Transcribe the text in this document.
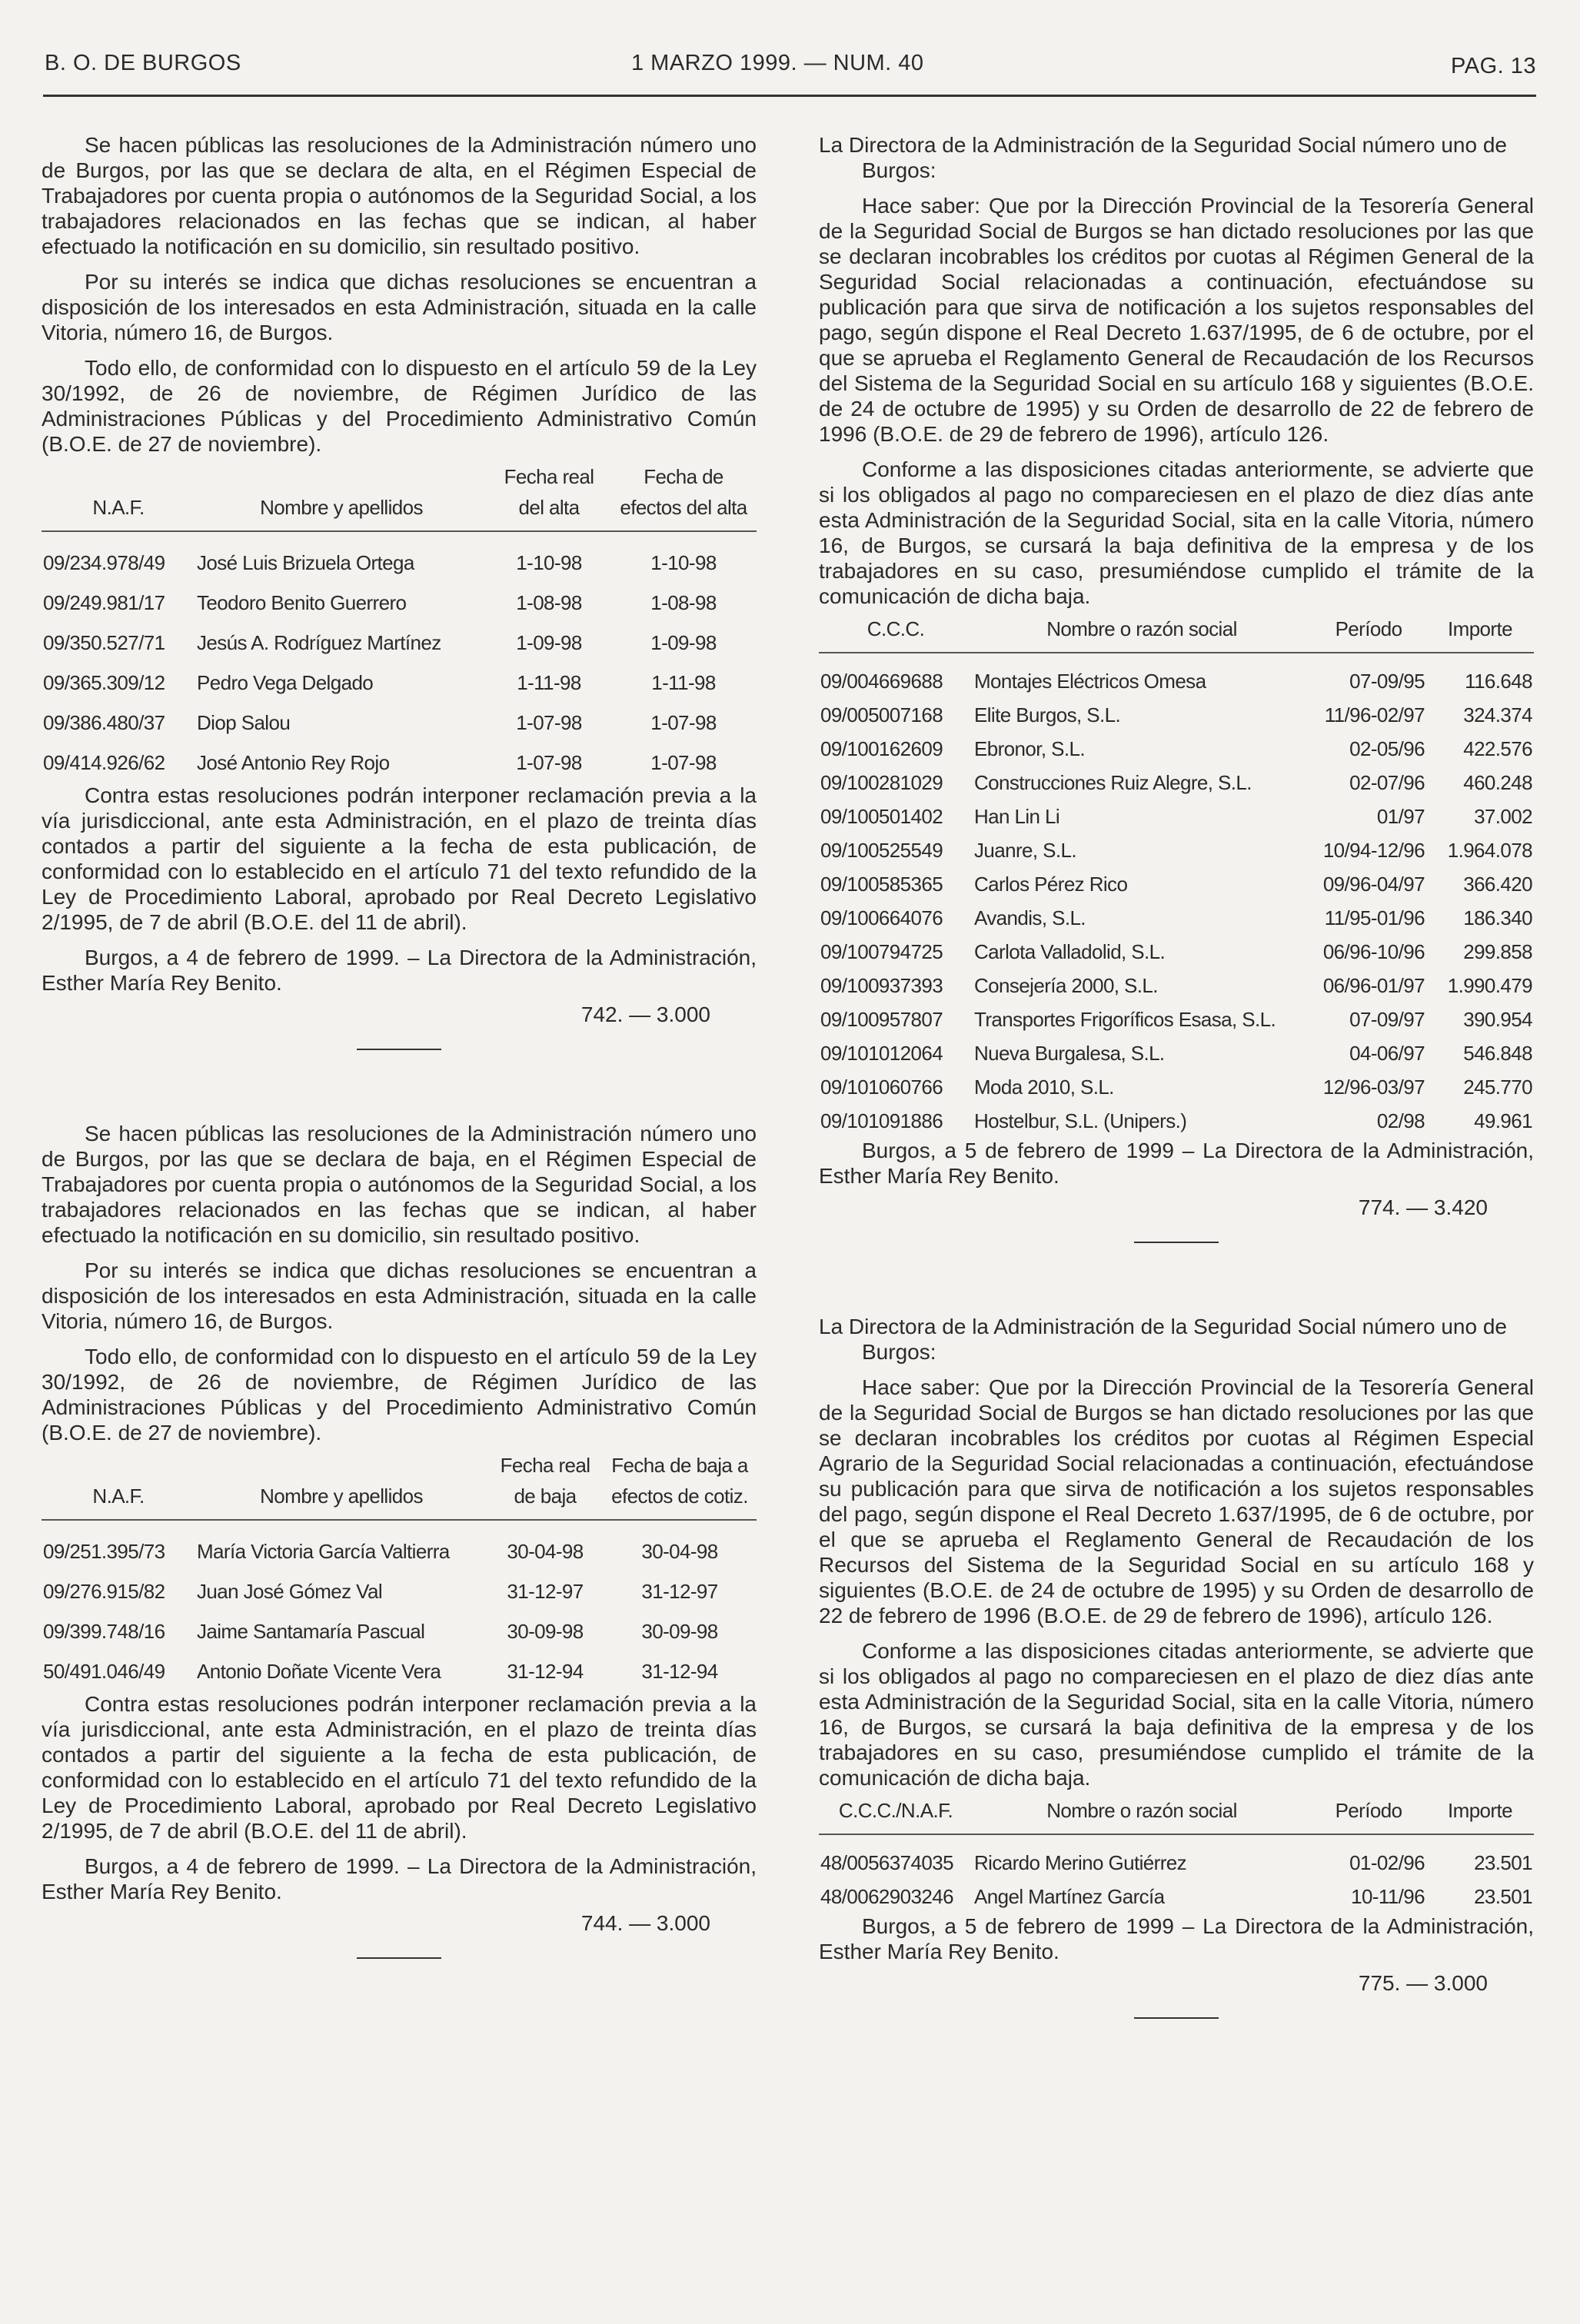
B. O. DE BURGOS	1 MARZO 1999. — NUM. 40	PAG. 13

Se hacen públicas las resoluciones de la Administración número uno de Burgos, por las que se declara de alta, en el Régimen Especial de Trabajadores por cuenta propia o autónomos de la Seguridad Social, a los trabajadores relacionados en las fechas que se indican, al haber efectuado la notificación en su domicilio, sin resultado positivo.

Por su interés se indica que dichas resoluciones se encuentran a disposición de los interesados en esta Administración, situada en la calle Vitoria, número 16, de Burgos.

Todo ello, de conformidad con lo dispuesto en el artículo 59 de la Ley 30/1992, de 26 de noviembre, de Régimen Jurídico de las Administraciones Públicas y del Procedimiento Administrativo Común (B.O.E. de 27 de noviembre).

N.A.F.	Nombre y apellidos	Fecha real del alta	Fecha de efectos del alta
09/234.978/49	José Luis Brizuela Ortega	1-10-98	1-10-98
09/249.981/17	Teodoro Benito Guerrero	1-08-98	1-08-98
09/350.527/71	Jesús A. Rodríguez Martínez	1-09-98	1-09-98
09/365.309/12	Pedro Vega Delgado	1-11-98	1-11-98
09/386.480/37	Diop Salou	1-07-98	1-07-98
09/414.926/62	José Antonio Rey Rojo	1-07-98	1-07-98

Contra estas resoluciones podrán interponer reclamación previa a la vía jurisdiccional, ante esta Administración, en el plazo de treinta días contados a partir del siguiente a la fecha de esta publicación, de conformidad con lo establecido en el artículo 71 del texto refundido de la Ley de Procedimiento Laboral, aprobado por Real Decreto Legislativo 2/1995, de 7 de abril (B.O.E. del 11 de abril).

Burgos, a 4 de febrero de 1999. – La Directora de la Administración, Esther María Rey Benito.

742. — 3.000

Se hacen públicas las resoluciones de la Administración número uno de Burgos, por las que se declara de baja, en el Régimen Especial de Trabajadores por cuenta propia o autónomos de la Seguridad Social, a los trabajadores relacionados en las fechas que se indican, al haber efectuado la notificación en su domicilio, sin resultado positivo.

Por su interés se indica que dichas resoluciones se encuentran a disposición de los interesados en esta Administración, situada en la calle Vitoria, número 16, de Burgos.

Todo ello, de conformidad con lo dispuesto en el artículo 59 de la Ley 30/1992, de 26 de noviembre, de Régimen Jurídico de las Administraciones Públicas y del Procedimiento Administrativo Común (B.O.E. de 27 de noviembre).

N.A.F.	Nombre y apellidos	Fecha real de baja	Fecha de baja a efectos de cotiz.
09/251.395/73	María Victoria García Valtierra	30-04-98	30-04-98
09/276.915/82	Juan José Gómez Val	31-12-97	31-12-97
09/399.748/16	Jaime Santamaría Pascual	30-09-98	30-09-98
50/491.046/49	Antonio Doñate Vicente Vera	31-12-94	31-12-94

Contra estas resoluciones podrán interponer reclamación previa a la vía jurisdiccional, ante esta Administración, en el plazo de treinta días contados a partir del siguiente a la fecha de esta publicación, de conformidad con lo establecido en el artículo 71 del texto refundido de la Ley de Procedimiento Laboral, aprobado por Real Decreto Legislativo 2/1995, de 7 de abril (B.O.E. del 11 de abril).

Burgos, a 4 de febrero de 1999. – La Directora de la Administración, Esther María Rey Benito.

744. — 3.000

La Directora de la Administración de la Seguridad Social número uno de Burgos:

Hace saber: Que por la Dirección Provincial de la Tesorería General de la Seguridad Social de Burgos se han dictado resoluciones por las que se declaran incobrables los créditos por cuotas al Régimen General de la Seguridad Social relacionadas a continuación, efectuándose su publicación para que sirva de notificación a los sujetos responsables del pago, según dispone el Real Decreto 1.637/1995, de 6 de octubre, por el que se aprueba el Reglamento General de Recaudación de los Recursos del Sistema de la Seguridad Social en su artículo 168 y siguientes (B.O.E. de 24 de octubre de 1995) y su Orden de desarrollo de 22 de febrero de 1996 (B.O.E. de 29 de febrero de 1996), artículo 126.

Conforme a las disposiciones citadas anteriormente, se advierte que si los obligados al pago no compareciesen en el plazo de diez días ante esta Administración de la Seguridad Social, sita en la calle Vitoria, número 16, de Burgos, se cursará la baja definitiva de la empresa y de los trabajadores en su caso, presumiéndose cumplido el trámite de la comunicación de dicha baja.

C.C.C.	Nombre o razón social	Período	Importe
09/004669688	Montajes Eléctricos Omesa	07-09/95	116.648
09/005007168	Elite Burgos, S.L.	11/96-02/97	324.374
09/100162609	Ebronor, S.L.	02-05/96	422.576
09/100281029	Construcciones Ruiz Alegre, S.L.	02-07/96	460.248
09/100501402	Han Lin Li	01/97	37.002
09/100525549	Juanre, S.L.	10/94-12/96	1.964.078
09/100585365	Carlos Pérez Rico	09/96-04/97	366.420
09/100664076	Avandis, S.L.	11/95-01/96	186.340
09/100794725	Carlota Valladolid, S.L.	06/96-10/96	299.858
09/100937393	Consejería 2000, S.L.	06/96-01/97	1.990.479
09/100957807	Transportes Frigoríficos Esasa, S.L.	07-09/97	390.954
09/101012064	Nueva Burgalesa, S.L.	04-06/97	546.848
09/101060766	Moda 2010, S.L.	12/96-03/97	245.770
09/101091886	Hostelbur, S.L. (Unipers.)	02/98	49.961

Burgos, a 5 de febrero de 1999 – La Directora de la Administración, Esther María Rey Benito.

774. — 3.420

La Directora de la Administración de la Seguridad Social número uno de Burgos:

Hace saber: Que por la Dirección Provincial de la Tesorería General de la Seguridad Social de Burgos se han dictado resoluciones por las que se declaran incobrables los créditos por cuotas al Régimen Especial Agrario de la Seguridad Social relacionadas a continuación, efectuándose su publicación para que sirva de notificación a los sujetos responsables del pago, según dispone el Real Decreto 1.637/1995, de 6 de octubre, por el que se aprueba el Reglamento General de Recaudación de los Recursos del Sistema de la Seguridad Social en su artículo 168 y siguientes (B.O.E. de 24 de octubre de 1995) y su Orden de desarrollo de 22 de febrero de 1996 (B.O.E. de 29 de febrero de 1996), artículo 126.

Conforme a las disposiciones citadas anteriormente, se advierte que si los obligados al pago no compareciesen en el plazo de diez días ante esta Administración de la Seguridad Social, sita en la calle Vitoria, número 16, de Burgos, se cursará la baja definitiva de la empresa y de los trabajadores en su caso, presumiéndose cumplido el trámite de la comunicación de dicha baja.

C.C.C./N.A.F.	Nombre o razón social	Período	Importe
48/0056374035	Ricardo Merino Gutiérrez	01-02/96	23.501
48/0062903246	Angel Martínez García	10-11/96	23.501

Burgos, a 5 de febrero de 1999 – La Directora de la Administración, Esther María Rey Benito.

775. — 3.000
